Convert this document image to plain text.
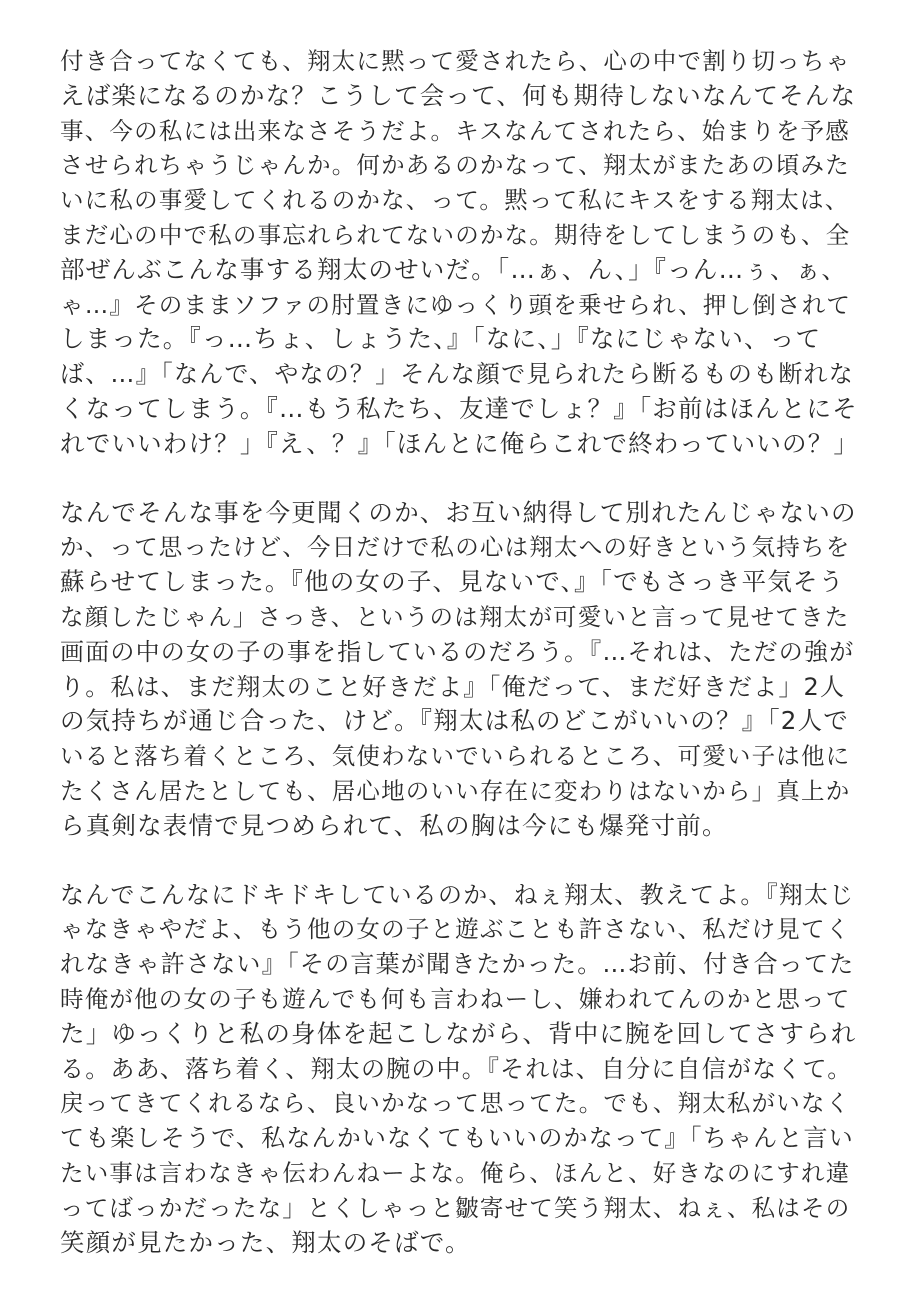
付き合ってなくても、翔太に黙って愛されたら、心の中で割り切っちゃ
えば楽になるのかな？こうして会って、何も期待しないなんてそんな
事、今の私には出来なさそうだよ。キスなんてされたら、始まりを予感
させられちゃうじゃんか。何かあるのかなって、翔太がまたあの頃みた
いに私の事愛してくれるのかな、って。黙って私にキスをする翔太は、
まだ心の中で私の事忘れられてないのかな。期待をしてしまうのも、全
部ぜんぶこんな事する翔太のせいだ。「…ぁ、ん、」『っん…ぅ、ぁ、
ゃ…』そのままソファの肘置きにゆっくり頭を乗せられ、押し倒されて
しまった。『っ…ちょ、しょうた、』「なに、」『なにじゃない、って
ば、…』「なんで、やなの？」そんな顔で見られたら断るものも断れな
くなってしまう。『…もう私たち、友達でしょ？』「お前はほんとにそ
れでいいわけ？」『え、？』「ほんとに俺らこれで終わっていいの？」
なんでそんな事を今更聞くのか、お互い納得して別れたんじゃないの
か、って思ったけど、今日だけで私の心は翔太への好きという気持ちを
蘇らせてしまった。『他の女の子、見ないで、』「でもさっき平気そう
な顔したじゃん」さっき、というのは翔太が可愛いと言って見せてきた
画面の中の女の子の事を指しているのだろう。『…それは、ただの強が
り。私は、まだ翔太のこと好きだよ』「俺だって、まだ好きだよ」2人
の気持ちが通じ合った、けど。『翔太は私のどこがいいの？』「2人で
いると落ち着くところ、気使わないでいられるところ、可愛い子は他に
たくさん居たとしても、居心地のいい存在に変わりはないから」真上か
ら真剣な表情で見つめられて、私の胸は今にも爆発寸前。
なんでこんなにドキドキしているのか、ねぇ翔太、教えてよ。『翔太じ
ゃなきゃやだよ、もう他の女の子と遊ぶことも許さない、私だけ見てく
れなきゃ許さない』「その言葉が聞きたかった。…お前、付き合ってた
時俺が他の女の子も遊んでも何も言わねーし、嫌われてんのかと思って
た」ゆっくりと私の身体を起こしながら、背中に腕を回してさすられ
る。ああ、落ち着く、翔太の腕の中。『それは、自分に自信がなくて。
戻ってきてくれるなら、良いかなって思ってた。でも、翔太私がいなく
ても楽しそうで、私なんかいなくてもいいのかなって』「ちゃんと言い
たい事は言わなきゃ伝わんねーよな。俺ら、ほんと、好きなのにすれ違
ってばっかだったな」とくしゃっと皺寄せて笑う翔太、ねぇ、私はその
笑顔が見たかった、翔太のそばで。
